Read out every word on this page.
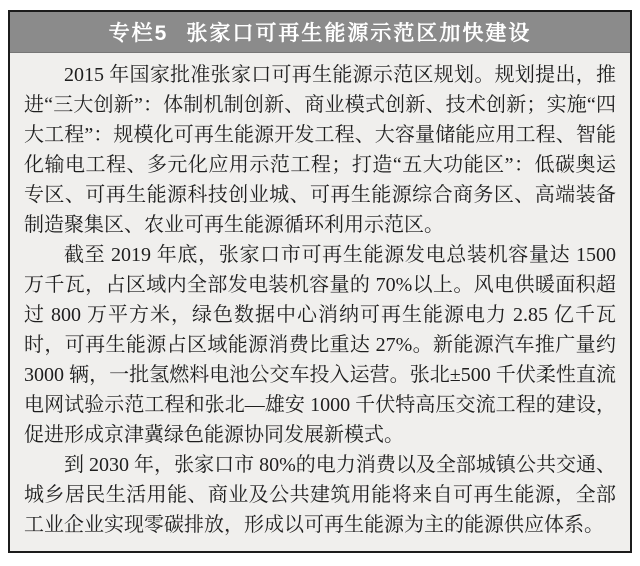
专栏5 张家口可再生能源示范区加快建设

2015 年国家批准张家口可再生能源示范区规划。规划提出，推进“三大创新”：体制机制创新、商业模式创新、技术创新；实施“四大工程”：规模化可再生能源开发工程、大容量储能应用工程、智能化输电工程、多元化应用示范工程；打造“五大功能区”：低碳奥运专区、可再生能源科技创业城、可再生能源综合商务区、高端装备制造聚集区、农业可再生能源循环利用示范区。

截至 2019 年底，张家口市可再生能源发电总装机容量达 1500 万千瓦，占区域内全部发电装机容量的 70%以上。风电供暖面积超过 800 万平方米，绿色数据中心消纳可再生能源电力 2.85 亿千瓦时，可再生能源占区域能源消费比重达 27%。新能源汽车推广量约 3000 辆，一批氢燃料电池公交车投入运营。张北±500 千伏柔性直流电网试验示范工程和张北—雄安 1000 千伏特高压交流工程的建设，促进形成京津冀绿色能源协同发展新模式。

到 2030 年，张家口市 80%的电力消费以及全部城镇公共交通、城乡居民生活用能、商业及公共建筑用能将来自可再生能源，全部工业企业实现零碳排放，形成以可再生能源为主的能源供应体系。
